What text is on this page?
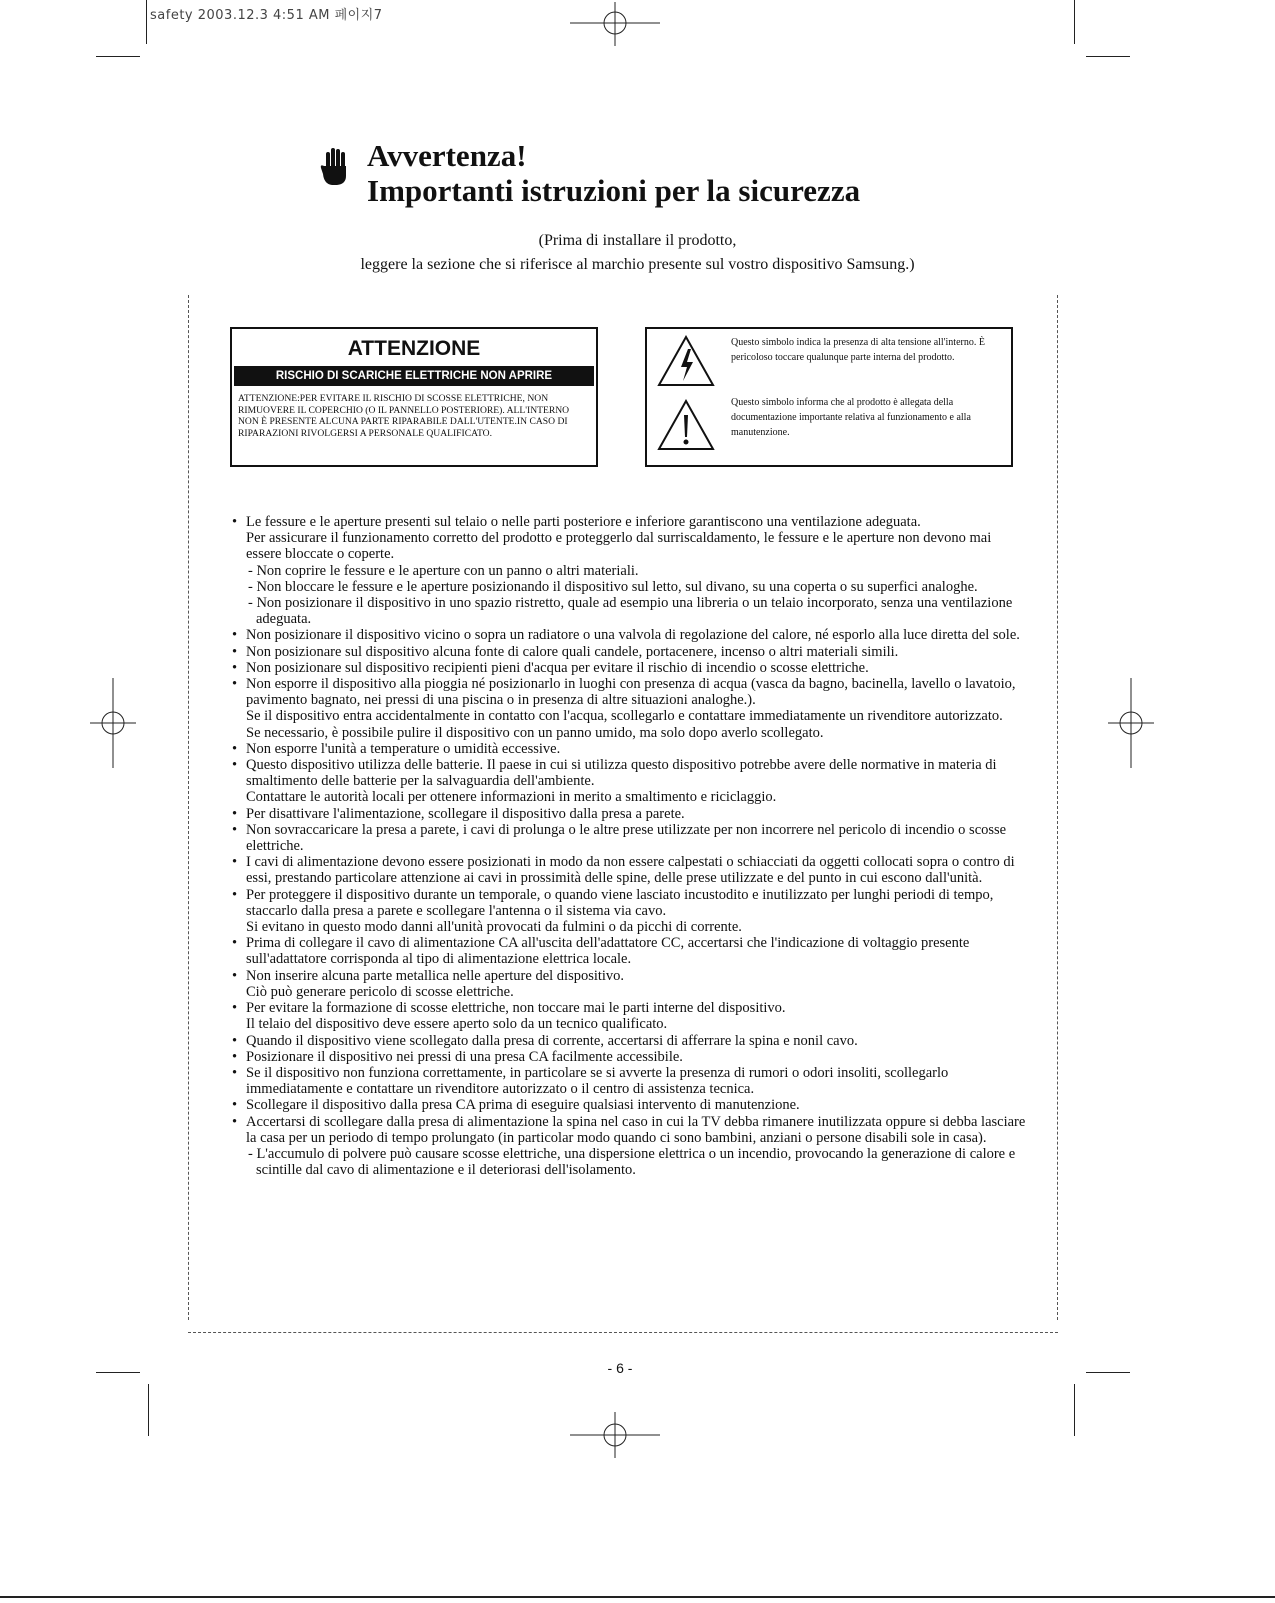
safety 2003.12.3 4:51 AM 페이지7
Avvertenza!
Importanti istruzioni per la sicurezza
(Prima di installare il prodotto,
leggere la sezione che si riferisce al marchio presente sul vostro dispositivo Samsung.)
ATTENZIONE
RISCHIO DI SCARICHE ELETTRICHE NON APRIRE
ATTENZIONE:PER EVITARE IL RISCHIO DI SCOSSE ELETTRICHE, NON RIMUOVERE IL COPERCHIO (O IL PANNELLO POSTERIORE). ALL'INTERNO NON È PRESENTE ALCUNA PARTE RIPARABILE DALL'UTENTE.IN CASO DI RIPARAZIONI RIVOLGERSI A PERSONALE QUALIFICATO.
Questo simbolo indica la presenza di alta tensione all'interno. È pericoloso toccare qualunque parte interna del prodotto.
Questo simbolo informa che al prodotto è allegata della documentazione importante relativa al funzionamento e alla manutenzione.
• Le fessure e le aperture presenti sul telaio o nelle parti posteriore e inferiore garantiscono una ventilazione adeguata.
Per assicurare il funzionamento corretto del prodotto e proteggerlo dal surriscaldamento, le fessure e le aperture non devono mai essere bloccate o coperte.
- Non coprire le fessure e le aperture con un panno o altri materiali.
- Non bloccare le fessure e le aperture posizionando il dispositivo sul letto, sul divano, su una coperta o su superfici analoghe.
- Non posizionare il dispositivo in uno spazio ristretto, quale ad esempio una libreria o un telaio incorporato, senza una ventilazione adeguata.
• Non posizionare il dispositivo vicino o sopra un radiatore o una valvola di regolazione del calore, né esporlo alla luce diretta del sole.
• Non posizionare sul dispositivo alcuna fonte di calore quali candele, portacenere, incenso o altri materiali simili.
• Non posizionare sul dispositivo recipienti pieni d'acqua per evitare il rischio di incendio o scosse elettriche.
• Non esporre il dispositivo alla pioggia né posizionarlo in luoghi con presenza di acqua (vasca da bagno, bacinella, lavello o lavatoio, pavimento bagnato, nei pressi di una piscina o in presenza di altre situazioni analoghe.).
Se il dispositivo entra accidentalmente in contatto con l'acqua, scollegarlo e contattare immediatamente un rivenditore autorizzato.
Se necessario, è possibile pulire il dispositivo con un panno umido, ma solo dopo averlo scollegato.
• Non esporre l'unità a temperature o umidità eccessive.
• Questo dispositivo utilizza delle batterie. Il paese in cui si utilizza questo dispositivo potrebbe avere delle normative in materia di smaltimento delle batterie per la salvaguardia dell'ambiente.
Contattare le autorità locali per ottenere informazioni in merito a smaltimento e riciclaggio.
• Per disattivare l'alimentazione, scollegare il dispositivo dalla presa a parete.
• Non sovraccaricare la presa a parete, i cavi di prolunga o le altre prese utilizzate per non incorrere nel pericolo di incendio o scosse elettriche.
• I cavi di alimentazione devono essere posizionati in modo da non essere calpestati o schiacciati da oggetti collocati sopra o contro di essi, prestando particolare attenzione ai cavi in prossimità delle spine, delle prese utilizzate e del punto in cui escono dall'unità.
• Per proteggere il dispositivo durante un temporale, o quando viene lasciato incustodito e inutilizzato per lunghi periodi di tempo, staccarlo dalla presa a parete e scollegare l'antenna o il sistema via cavo.
Si evitano in questo modo danni all'unità provocati da fulmini o da picchi di corrente.
• Prima di collegare il cavo di alimentazione CA all'uscita dell'adattatore CC, accertarsi che l'indicazione di voltaggio presente sull'adattatore corrisponda al tipo di alimentazione elettrica locale.
• Non inserire alcuna parte metallica nelle aperture del dispositivo.
Ciò può generare pericolo di scosse elettriche.
• Per evitare la formazione di scosse elettriche, non toccare mai le parti interne del dispositivo.
Il telaio del dispositivo deve essere aperto solo da un tecnico qualificato.
• Quando il dispositivo viene scollegato dalla presa di corrente, accertarsi di afferrare la spina e nonil cavo.
• Posizionare il dispositivo nei pressi di una presa CA facilmente accessibile.
• Se il dispositivo non funziona correttamente, in particolare se si avverte la presenza di rumori o odori insoliti, scollegarlo immediatamente e contattare un rivenditore autorizzato o il centro di assistenza tecnica.
• Scollegare il dispositivo dalla presa CA prima di eseguire qualsiasi intervento di manutenzione.
• Accertarsi di scollegare dalla presa di alimentazione la spina nel caso in cui la TV debba rimanere inutilizzata oppure si debba lasciare la casa per un periodo di tempo prolungato (in particolar modo quando ci sono bambini, anziani o persone disabili sole in casa).
- L'accumulo di polvere può causare scosse elettriche, una dispersione elettrica o un incendio, provocando la generazione di calore e scintille dal cavo di alimentazione e il deteriorasi dell'isolamento.
- 6 -
